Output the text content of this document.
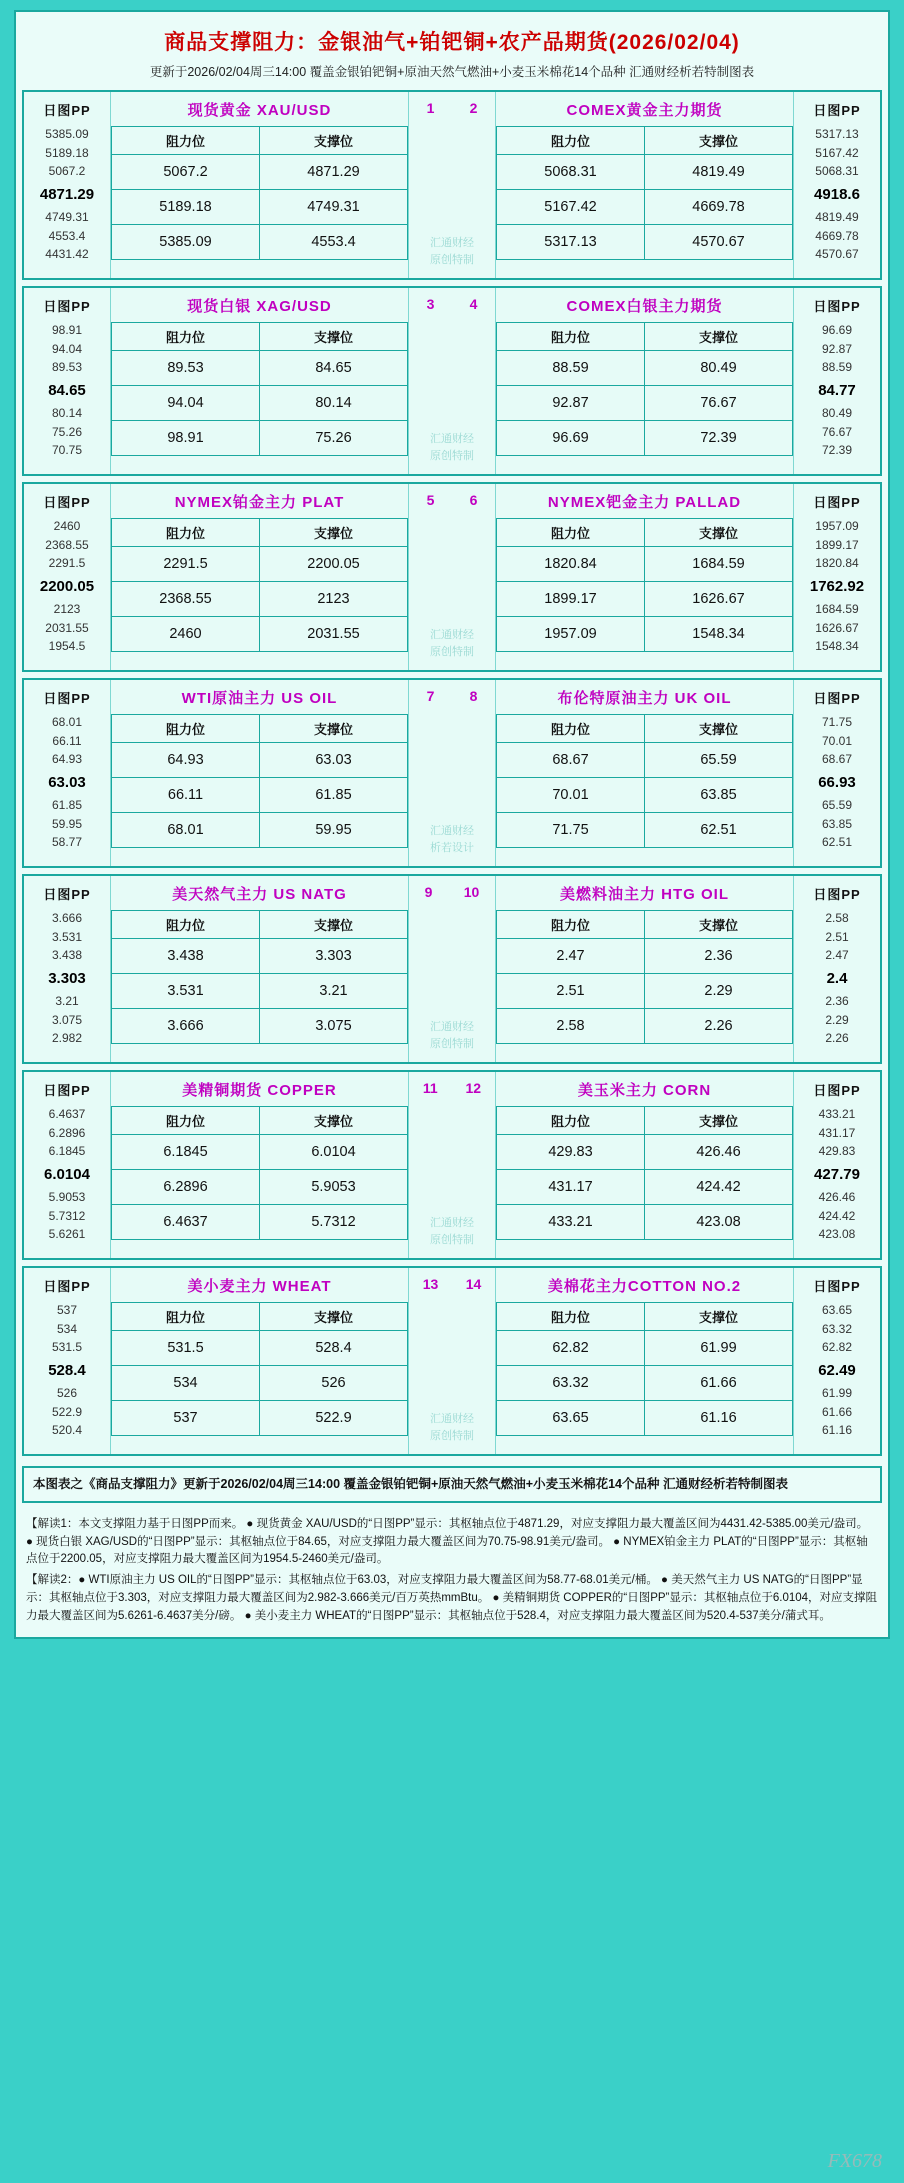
商品支撑阻力：金银油气+铂钯铜+农产品期货(2026/02/04)
更新于2026/02/04周三14:00 覆盖金银铂钯铜+原油天然气燃油+小麦玉米棉花14个品种 汇通财经析若特制图表
日图PP
5385.09
5189.18
5067.2
4871.29
4749.31
4553.4
4431.42
现货黄金 XAU/USD
阻力位	支撑位
5067.2	4871.29
5189.18	4749.31
5385.09	4553.4
1	2
汇通财经
原创特制
COMEX黄金主力期货
阻力位	支撑位
5068.31	4819.49
5167.42	4669.78
5317.13	4570.67
日图PP
5317.13
5167.42
5068.31
4918.6
4819.49
4669.78
4570.67
日图PP
98.91
94.04
89.53
84.65
80.14
75.26
70.75
现货白银 XAG/USD
阻力位	支撑位
89.53	84.65
94.04	80.14
98.91	75.26
3	4
汇通财经
原创特制
COMEX白银主力期货
阻力位	支撑位
88.59	80.49
92.87	76.67
96.69	72.39
日图PP
96.69
92.87
88.59
84.77
80.49
76.67
72.39
日图PP
2460
2368.55
2291.5
2200.05
2123
2031.55
1954.5
NYMEX铂金主力 PLAT
阻力位	支撑位
2291.5	2200.05
2368.55	2123
2460	2031.55
5	6
汇通财经
原创特制
NYMEX钯金主力 PALLAD
阻力位	支撑位
1820.84	1684.59
1899.17	1626.67
1957.09	1548.34
日图PP
1957.09
1899.17
1820.84
1762.92
1684.59
1626.67
1548.34
日图PP
68.01
66.11
64.93
63.03
61.85
59.95
58.77
WTI原油主力 US OIL
阻力位	支撑位
64.93	63.03
66.11	61.85
68.01	59.95
7	8
汇通财经
析若设计
布伦特原油主力 UK OIL
阻力位	支撑位
68.67	65.59
70.01	63.85
71.75	62.51
日图PP
71.75
70.01
68.67
66.93
65.59
63.85
62.51
日图PP
3.666
3.531
3.438
3.303
3.21
3.075
2.982
美天然气主力 US NATG
阻力位	支撑位
3.438	3.303
3.531	3.21
3.666	3.075
9 10
汇通财经
原创特制
美燃料油主力 HTG OIL
阻力位	支撑位
2.47	2.36
2.51	2.29
2.58	2.26
日图PP
2.58
2.51
2.47
2.4
2.36
2.29
2.26
日图PP
6.4637
6.2896
6.1845
6.0104
5.9053
5.7312
5.6261
美精铜期货 COPPER
阻力位	支撑位
6.1845	6.0104
6.2896	5.9053
6.4637	5.7312
11 12
汇通财经
原创特制
美玉米主力 CORN
阻力位	支撑位
429.83	426.46
431.17	424.42
433.21	423.08
日图PP
433.21
431.17
429.83
427.79
426.46
424.42
423.08
日图PP
537
534
531.5
528.4
526
522.9
520.4
美小麦主力 WHEAT
阻力位	支撑位
531.5	528.4
534	526
537	522.9
13 14
汇通财经
原创特制
美棉花主力COTTON NO.2
阻力位	支撑位
62.82	61.99
63.32	61.66
63.65	61.16
日图PP
63.65
63.32
62.82
62.49
61.99
61.66
61.16
本图表之《商品支撑阻力》更新于2026/02/04周三14:00 覆盖金银铂钯铜+原油天然气燃油+小麦玉米棉花14个品种 汇通财经析若特制图表

【解读1：本文支撑阻力基于日图PP而来。 ● 现货黄金 XAU/USD的“日图PP”显示：其枢轴点位于4871.29，对应支撑阻力最大覆盖区间为4431.42-5385.00美元/盎司。 ● 现货白银 XAG/USD的“日图PP”显示：其枢轴点位于84.65，对应支撑阻力最大覆盖区间为70.75-98.91美元/盎司。 ● NYMEX铂金主力 PLAT的“日图PP”显示：其枢轴点位于2200.05，对应支撑阻力最大覆盖区间为1954.5-2460美元/盎司。

【解读2：● WTI原油主力 US OIL的“日图PP”显示：其枢轴点位于63.03，对应支撑阻力最大覆盖区间为58.77-68.01美元/桶。 ● 美天然气主力 US NATG的“日图PP”显示：其枢轴点位于3.303，对应支撑阻力最大覆盖区间为2.982-3.666美元/百万英热mmBtu。 ● 美精铜期货 COPPER的“日图PP”显示：其枢轴点位于6.0104，对应支撑阻力最大覆盖区间为5.6261-6.4637美分/磅。 ● 美小麦主力 WHEAT的“日图PP”显示：其枢轴点位于528.4，对应支撑阻力最大覆盖区间为520.4-537美分/蒲式耳。

FX678
